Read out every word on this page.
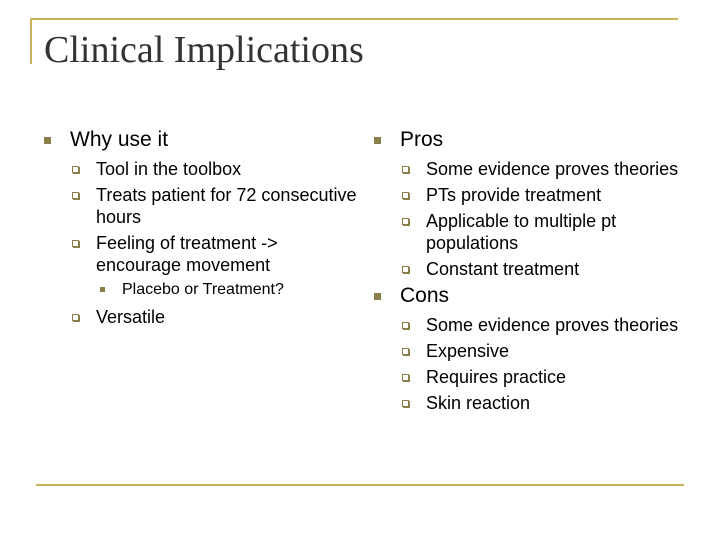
Clinical Implications
Why use it
Tool in the toolbox
Treats patient for 72 consecutive hours
Feeling of treatment -> encourage movement
Placebo or Treatment?
Versatile
Pros
Some evidence proves theories
PTs provide treatment
Applicable to multiple pt populations
Constant treatment
Cons
Some evidence proves theories
Expensive
Requires practice
Skin reaction
